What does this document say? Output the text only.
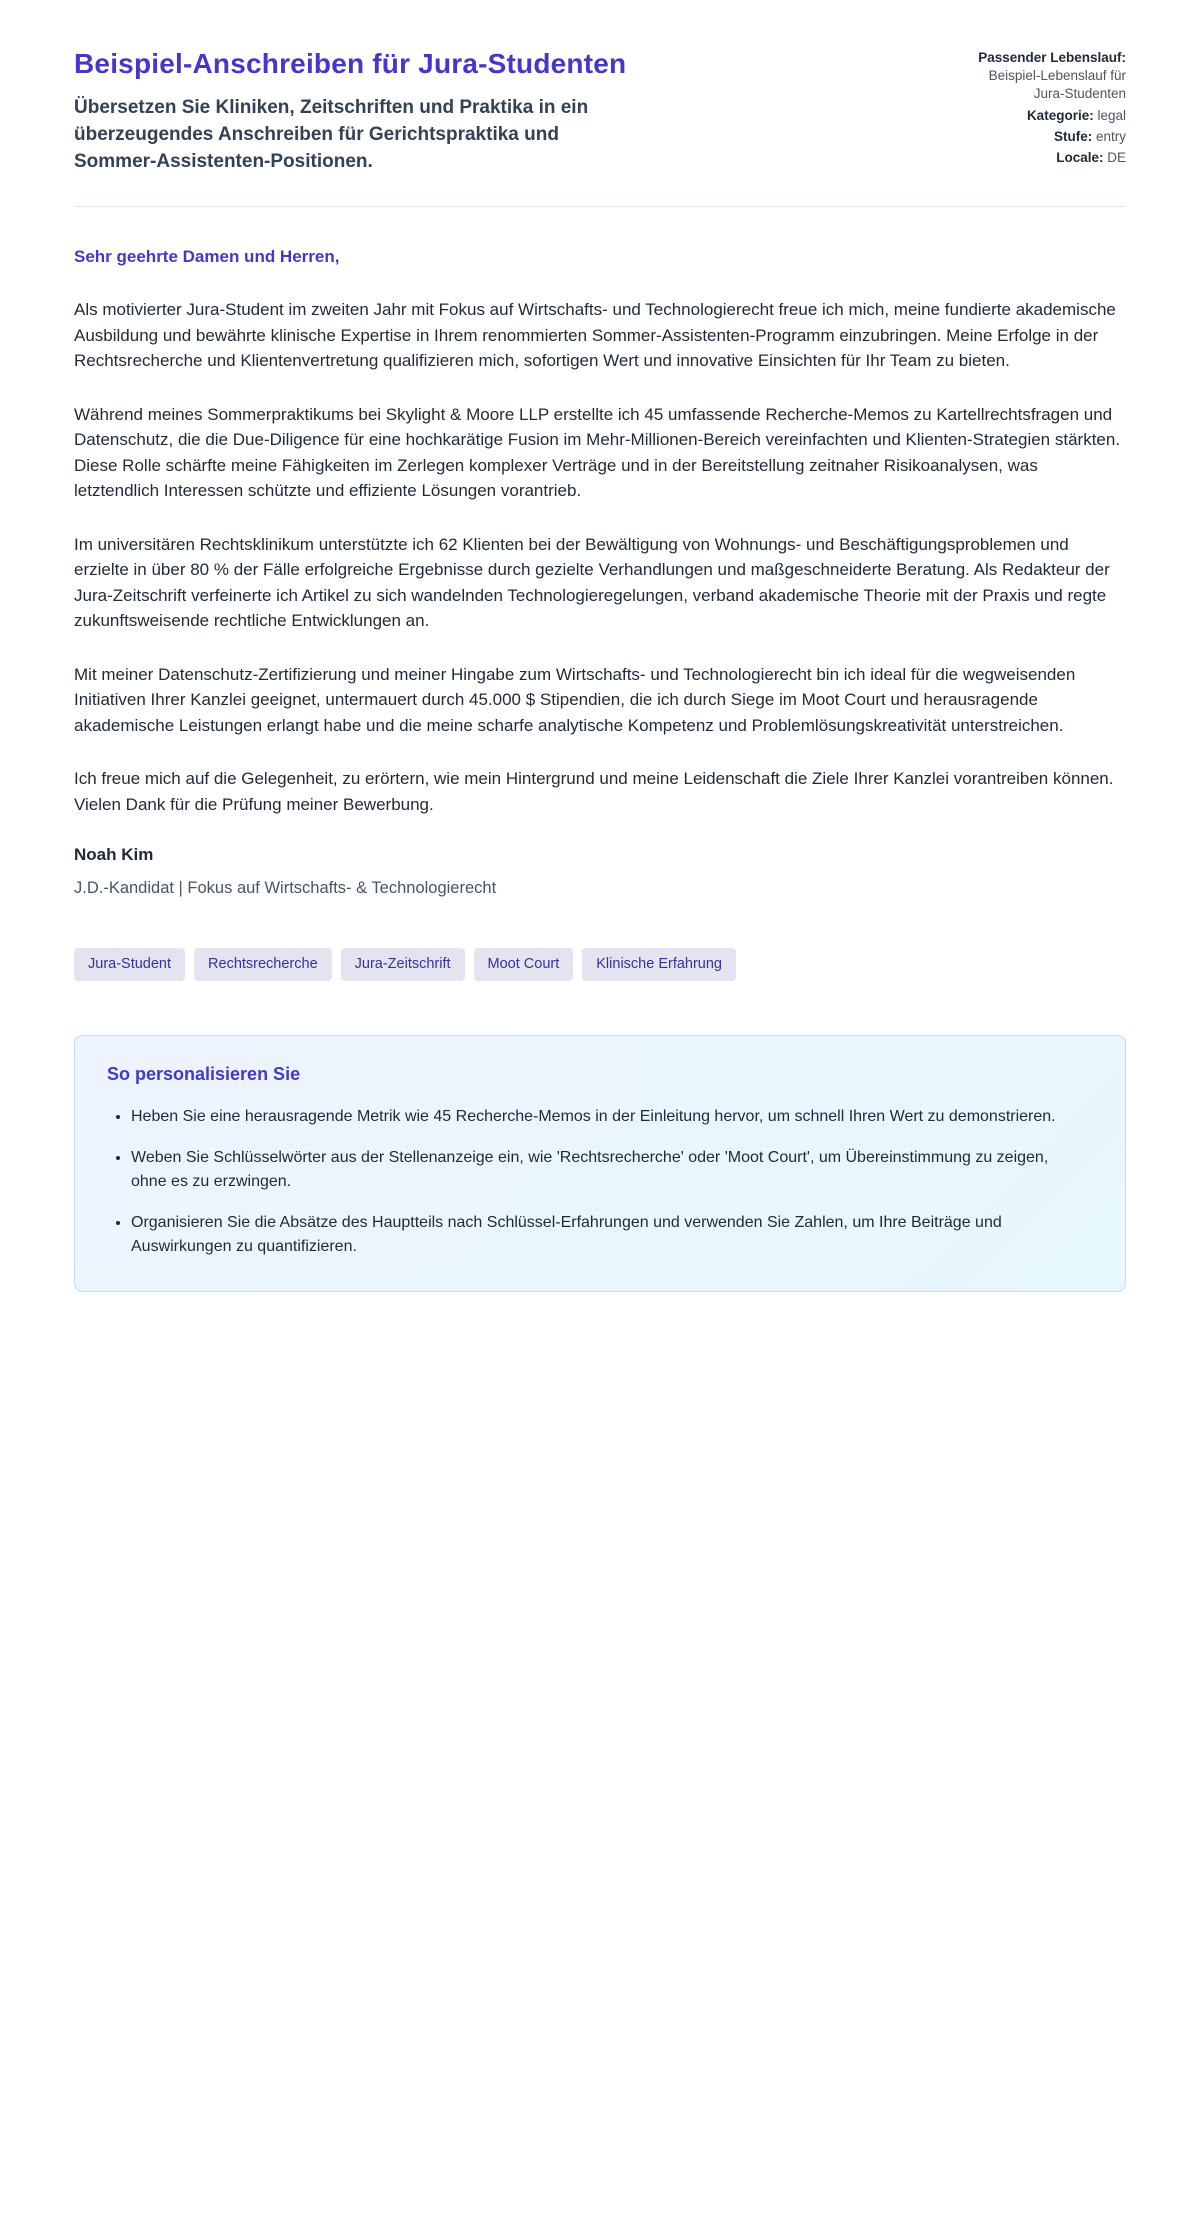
Beispiel-Anschreiben für Jura-Studenten
Übersetzen Sie Kliniken, Zeitschriften und Praktika in ein überzeugendes Anschreiben für Gerichtspraktika und Sommer-Assistenten-Positionen.
Passender Lebenslauf: Beispiel-Lebenslauf für Jura-Studenten
Kategorie: legal
Stufe: entry
Locale: DE

Sehr geehrte Damen und Herren,

Als motivierter Jura-Student im zweiten Jahr mit Fokus auf Wirtschafts- und Technologierecht freue ich mich, meine fundierte akademische Ausbildung und bewährte klinische Expertise in Ihrem renommierten Sommer-Assistenten-Programm einzubringen. Meine Erfolge in der Rechtsrecherche und Klientenvertretung qualifizieren mich, sofortigen Wert und innovative Einsichten für Ihr Team zu bieten.

Während meines Sommerpraktikums bei Skylight & Moore LLP erstellte ich 45 umfassende Recherche-Memos zu Kartellrechtsfragen und Datenschutz, die die Due-Diligence für eine hochkarätige Fusion im Mehr-Millionen-Bereich vereinfachten und Klienten-Strategien stärkten. Diese Rolle schärfte meine Fähigkeiten im Zerlegen komplexer Verträge und in der Bereitstellung zeitnaher Risikoanalysen, was letztendlich Interessen schützte und effiziente Lösungen vorantrieb.

Im universitären Rechtsklinikum unterstützte ich 62 Klienten bei der Bewältigung von Wohnungs- und Beschäftigungsproblemen und erzielte in über 80 % der Fälle erfolgreiche Ergebnisse durch gezielte Verhandlungen und maßgeschneiderte Beratung. Als Redakteur der Jura-Zeitschrift verfeinerte ich Artikel zu sich wandelnden Technologieregelungen, verband akademische Theorie mit der Praxis und regte zukunftsweisende rechtliche Entwicklungen an.

Mit meiner Datenschutz-Zertifizierung und meiner Hingabe zum Wirtschafts- und Technologierecht bin ich ideal für die wegweisenden Initiativen Ihrer Kanzlei geeignet, untermauert durch 45.000 $ Stipendien, die ich durch Siege im Moot Court und herausragende akademische Leistungen erlangt habe und die meine scharfe analytische Kompetenz und Problemlösungskreativität unterstreichen.

Ich freue mich auf die Gelegenheit, zu erörtern, wie mein Hintergrund und meine Leidenschaft die Ziele Ihrer Kanzlei vorantreiben können. Vielen Dank für die Prüfung meiner Bewerbung.

Noah Kim

J.D.-Kandidat | Fokus auf Wirtschafts- & Technologierecht

Jura-Student	Rechtsrecherche	Jura-Zeitschrift	Moot Court	Klinische Erfahrung
So personalisieren Sie
• Heben Sie eine herausragende Metrik wie 45 Recherche-Memos in der Einleitung hervor, um schnell Ihren Wert zu demonstrieren.
• Weben Sie Schlüsselwörter aus der Stellenanzeige ein, wie 'Rechtsrecherche' oder 'Moot Court', um Übereinstimmung zu zeigen, ohne es zu erzwingen.
• Organisieren Sie die Absätze des Hauptteils nach Schlüssel-Erfahrungen und verwenden Sie Zahlen, um Ihre Beiträge und Auswirkungen zu quantifizieren.
